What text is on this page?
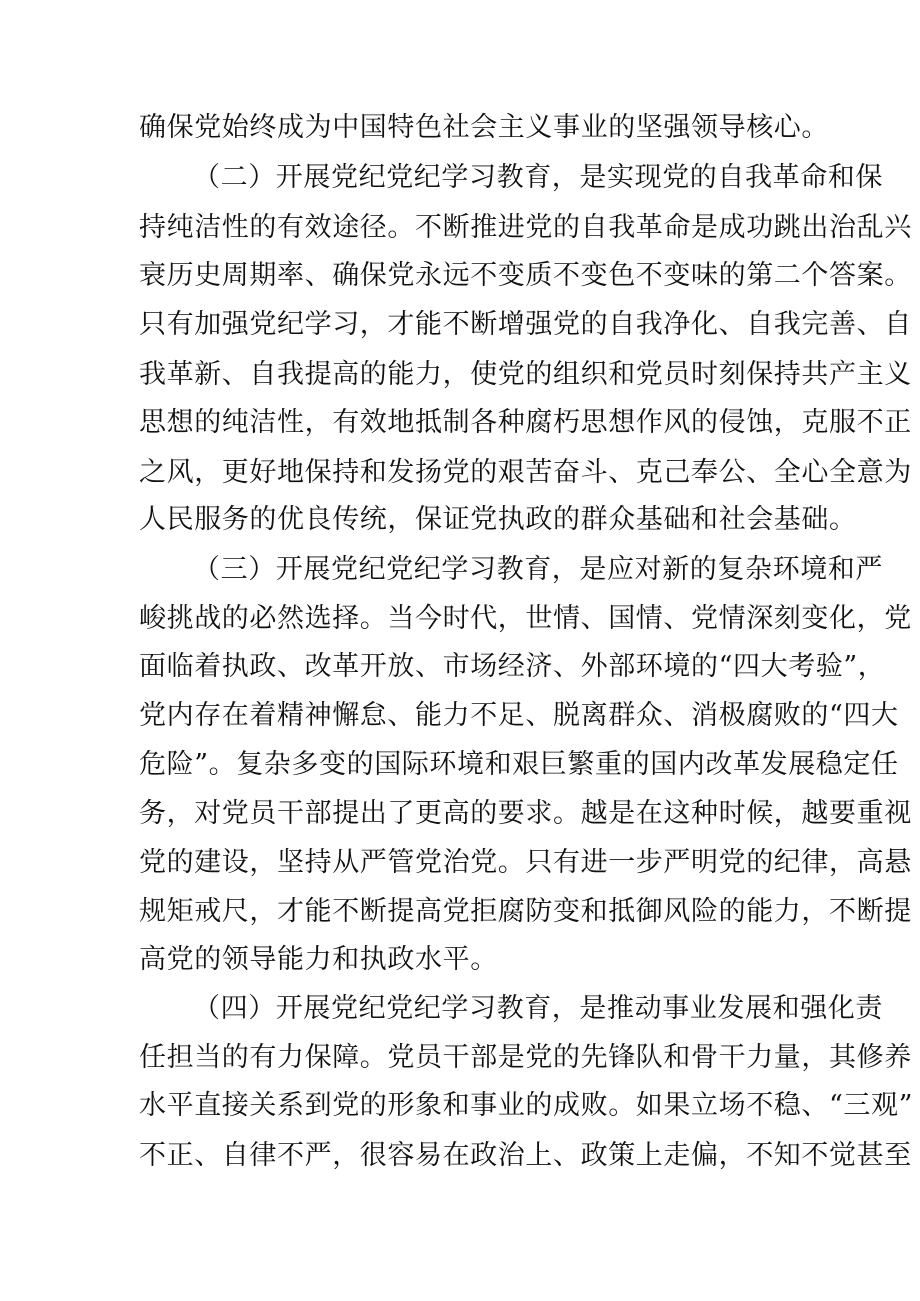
确保党始终成为中国特色社会主义事业的坚强领导核心。
（二）开展党纪党纪学习教育，是实现党的自我革命和保
持纯洁性的有效途径。不断推进党的自我革命是成功跳出治乱兴
衰历史周期率、确保党永远不变质不变色不变味的第二个答案。
只有加强党纪学习，才能不断增强党的自我净化、自我完善、自
我革新、自我提高的能力，使党的组织和党员时刻保持共产主义
思想的纯洁性，有效地抵制各种腐朽思想作风的侵蚀，克服不正
之风，更好地保持和发扬党的艰苦奋斗、克己奉公、全心全意为
人民服务的优良传统，保证党执政的群众基础和社会基础。
（三）开展党纪党纪学习教育，是应对新的复杂环境和严
峻挑战的必然选择。当今时代，世情、国情、党情深刻变化，党
面临着执政、改革开放、市场经济、外部环境的“四大考验”，
党内存在着精神懈怠、能力不足、脱离群众、消极腐败的“四大
危险”。复杂多变的国际环境和艰巨繁重的国内改革发展稳定任
务，对党员干部提出了更高的要求。越是在这种时候，越要重视
党的建设，坚持从严管党治党。只有进一步严明党的纪律，高悬
规矩戒尺，才能不断提高党拒腐防变和抵御风险的能力，不断提
高党的领导能力和执政水平。
（四）开展党纪党纪学习教育，是推动事业发展和强化责
任担当的有力保障。党员干部是党的先锋队和骨干力量，其修养
水平直接关系到党的形象和事业的成败。如果立场不稳、“三观”
不正、自律不严，很容易在政治上、政策上走偏，不知不觉甚至
